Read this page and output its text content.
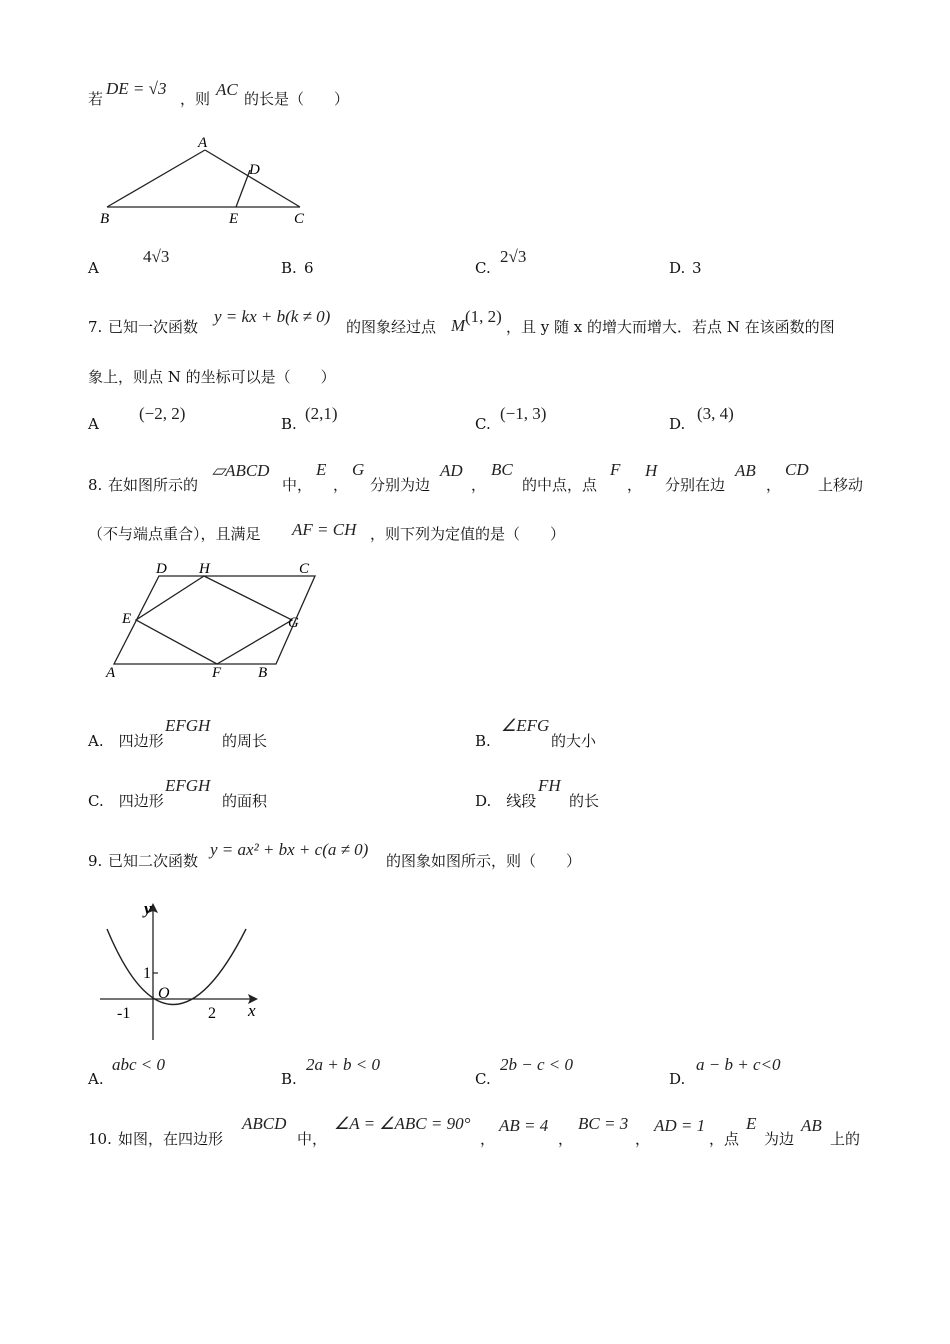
若
DE = √3
，则 AC 的长是（　　）
A
B	C
D
E
A
4√3
B. 6	C.
2√3
D. 3
7. 已知一次函数
y = kx + b(k ≠ 0)
的图象经过点 M (1, 2)
，且 y 随 x 的增大而增大．若点 N 在该函数的图
象上，则点 N 的坐标可以是（　　）
A
(−2, 2)
B.
(2,1)
C.
(−1, 3)
D.
(3, 4)
8. 在如图所示的
▱ABCD
中，
E
，
G
分别为边
AD
，
BC
的中点，点
F
，
H
分别在边
AB
，
CD
上移动
（不与端点重合），且满足 AF = CH ，则下列为定值的是（　　）
D H	C
E	G
A	F B
A.　四边形
EFGH
的周长	B.
∠EFG
的大小
C.　四边形
EFGH
的面积	D.　线段
FH
的长
9. 已知二次函数
y = ax² + bx + c(a ≠ 0)
的图象如图所示，则（　　）
y
x
O
1
-1	2
A.
abc < 0
B.
2a + b < 0
C.
2b − c < 0
D.
a − b + c<0
10. 如图，在四边形
ABCD
中，
∠A = ∠ABC = 90°
，
AB = 4
，
BC = 3
，
AD = 1
，点
E
为边
AB
上的
